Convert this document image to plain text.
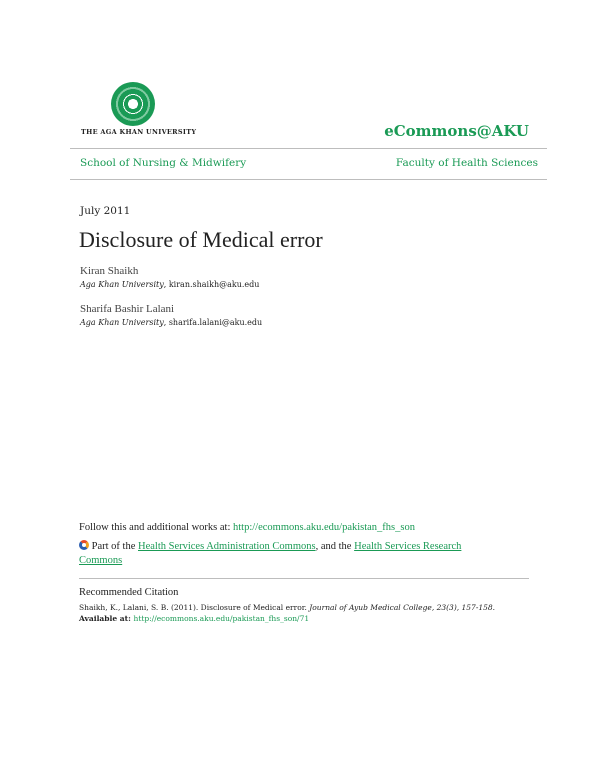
THE AGA KHAN UNIVERSITY	eCommons@AKU
School of Nursing & Midwifery	Faculty of Health Sciences
July 2011
Disclosure of Medical error
Kiran Shaikh
Aga Khan University, kiran.shaikh@aku.edu
Sharifa Bashir Lalani
Aga Khan University, sharifa.lalani@aku.edu
Follow this and additional works at: http://ecommons.aku.edu/pakistan_fhs_son
Part of the Health Services Administration Commons, and the Health Services Research Commons
Recommended Citation
Shaikh, K., Lalani, S. B. (2011). Disclosure of Medical error. Journal of Ayub Medical College, 23(3), 157-158.
Available at: http://ecommons.aku.edu/pakistan_fhs_son/71
